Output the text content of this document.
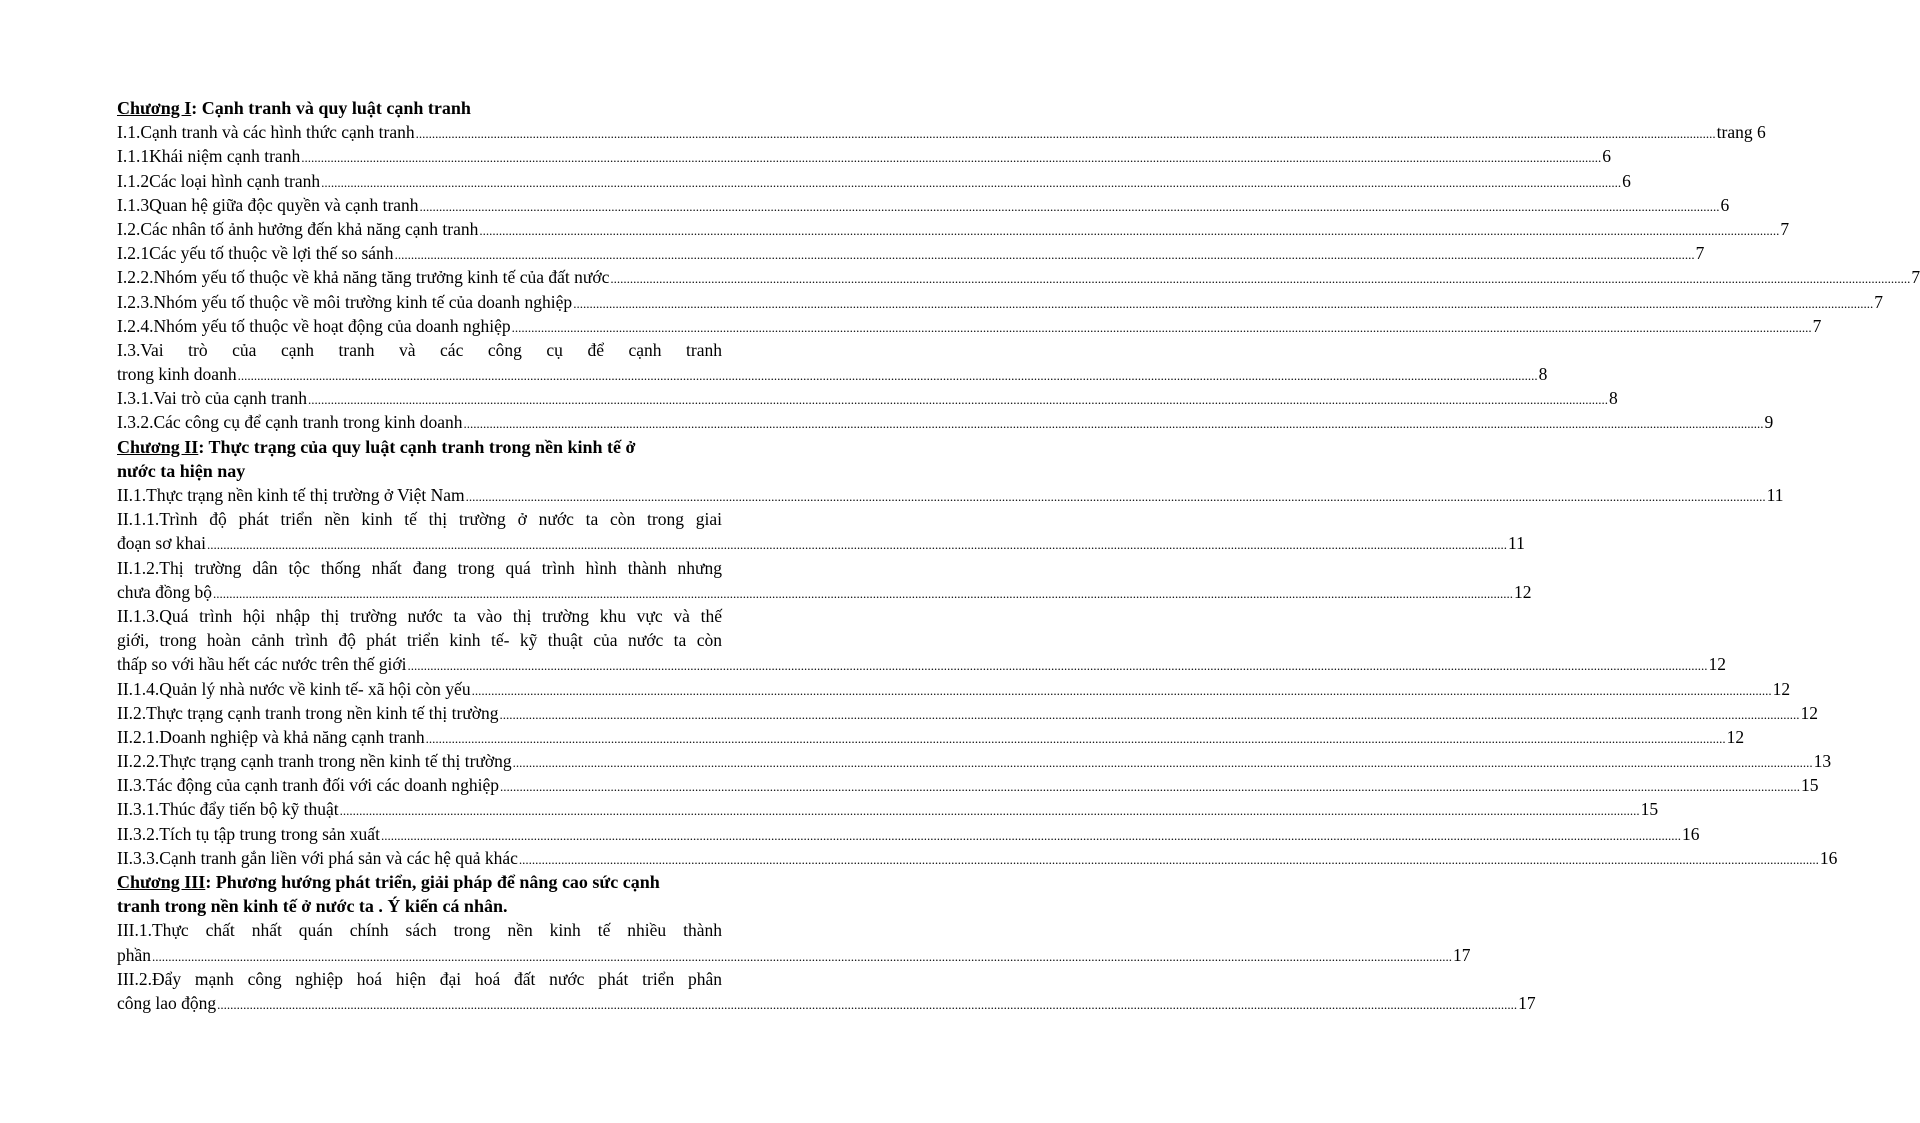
Chương I : Cạnh tranh và quy luật cạnh tranh
I.1.Cạnh tranh và các hình thức cạnh tranh ................................................................................................................................................................................................................................................................................................................................................................................................................ trang 6
I.1.1Khái niệm cạnh tranh ................................................................................................................................................................................................................................................................................................................................................................................................................ 6
I.1.2Các loại hình cạnh tranh ................................................................................................................................................................................................................................................................................................................................................................................................................ 6
I.1.3Quan hệ giữa độc quyền và cạnh tranh ................................................................................................................................................................................................................................................................................................................................................................................................................ 6
I.2.Các nhân tố ảnh hưởng đến khả năng cạnh tranh ................................................................................................................................................................................................................................................................................................................................................................................................................ 7
I.2.1Các yếu tố thuộc về lợi thế so sánh ................................................................................................................................................................................................................................................................................................................................................................................................................ 7
I.2.2.Nhóm yếu tố thuộc về khả năng tăng trưởng kinh tế của đất nước ................................................................................................................................................................................................................................................................................................................................................................................................................ 7
I.2.3.Nhóm yếu tố thuộc về môi trường kinh tế của doanh nghiệp ................................................................................................................................................................................................................................................................................................................................................................................................................ 7
I.2.4.Nhóm yếu tố thuộc về hoạt động của doanh nghiệp ................................................................................................................................................................................................................................................................................................................................................................................................................ 7
I.3.Vai trò của cạnh tranh và các công cụ để cạnh tranh
trong kinh doanh ................................................................................................................................................................................................................................................................................................................................................................................................................ 8
I.3.1.Vai trò của cạnh tranh ................................................................................................................................................................................................................................................................................................................................................................................................................ 8
I.3.2.Các công cụ để cạnh tranh trong kinh doanh ................................................................................................................................................................................................................................................................................................................................................................................................................ 9
Chương II : Thực trạng của quy luật cạnh tranh trong nền kinh tế ở
nước ta hiện nay
II.1.Thực trạng nền kinh tế thị trường ở Việt Nam ................................................................................................................................................................................................................................................................................................................................................................................................................ 11
II.1.1.Trình độ phát triển nền kinh tế thị trường ở nước ta còn trong giai
đoạn sơ khai ................................................................................................................................................................................................................................................................................................................................................................................................................ 11
II.1.2.Thị trường dân tộc thống nhất đang trong quá trình hình thành nhưng
chưa đồng bộ ................................................................................................................................................................................................................................................................................................................................................................................................................ 12
II.1.3.Quá trình hội nhập thị trường nước ta vào thị trường khu vực và thế
giới, trong hoàn cảnh trình độ phát triển kinh tế- kỹ thuật của nước ta còn
thấp so với hầu hết các nước trên thế giới ................................................................................................................................................................................................................................................................................................................................................................................................................ 12
II.1.4.Quản lý nhà nước về kinh tế- xã hội còn yếu ................................................................................................................................................................................................................................................................................................................................................................................................................ 12
II.2.Thực trạng cạnh tranh trong nền kinh tế thị trường ................................................................................................................................................................................................................................................................................................................................................................................................................ 12
II.2.1.Doanh nghiệp và khả năng cạnh tranh ................................................................................................................................................................................................................................................................................................................................................................................................................ 12
II.2.2.Thực trạng cạnh tranh trong nền kinh tế thị trường ................................................................................................................................................................................................................................................................................................................................................................................................................ 13
II.3.Tác động của cạnh tranh đối với các doanh nghiệp ................................................................................................................................................................................................................................................................................................................................................................................................................ 15
II.3.1.Thúc đẩy tiến bộ kỹ thuật ................................................................................................................................................................................................................................................................................................................................................................................................................ 15
II.3.2.Tích tụ tập trung trong sản xuất ................................................................................................................................................................................................................................................................................................................................................................................................................ 16
II.3.3.Cạnh tranh gắn liền với phá sản và các hệ quả khác ................................................................................................................................................................................................................................................................................................................................................................................................................ 16
Chương III : Phương hướng phát triển, giải pháp để nâng cao sức cạnh
tranh trong nền kinh tế ở nước ta . Ý kiến cá nhân.
III.1.Thực chất nhất quán chính sách trong nền kinh tế nhiều thành
phần ................................................................................................................................................................................................................................................................................................................................................................................................................ 17
III.2.Đẩy mạnh công nghiệp hoá hiện đại hoá đất nước phát triển phân
công lao động ................................................................................................................................................................................................................................................................................................................................................................................................................ 17
